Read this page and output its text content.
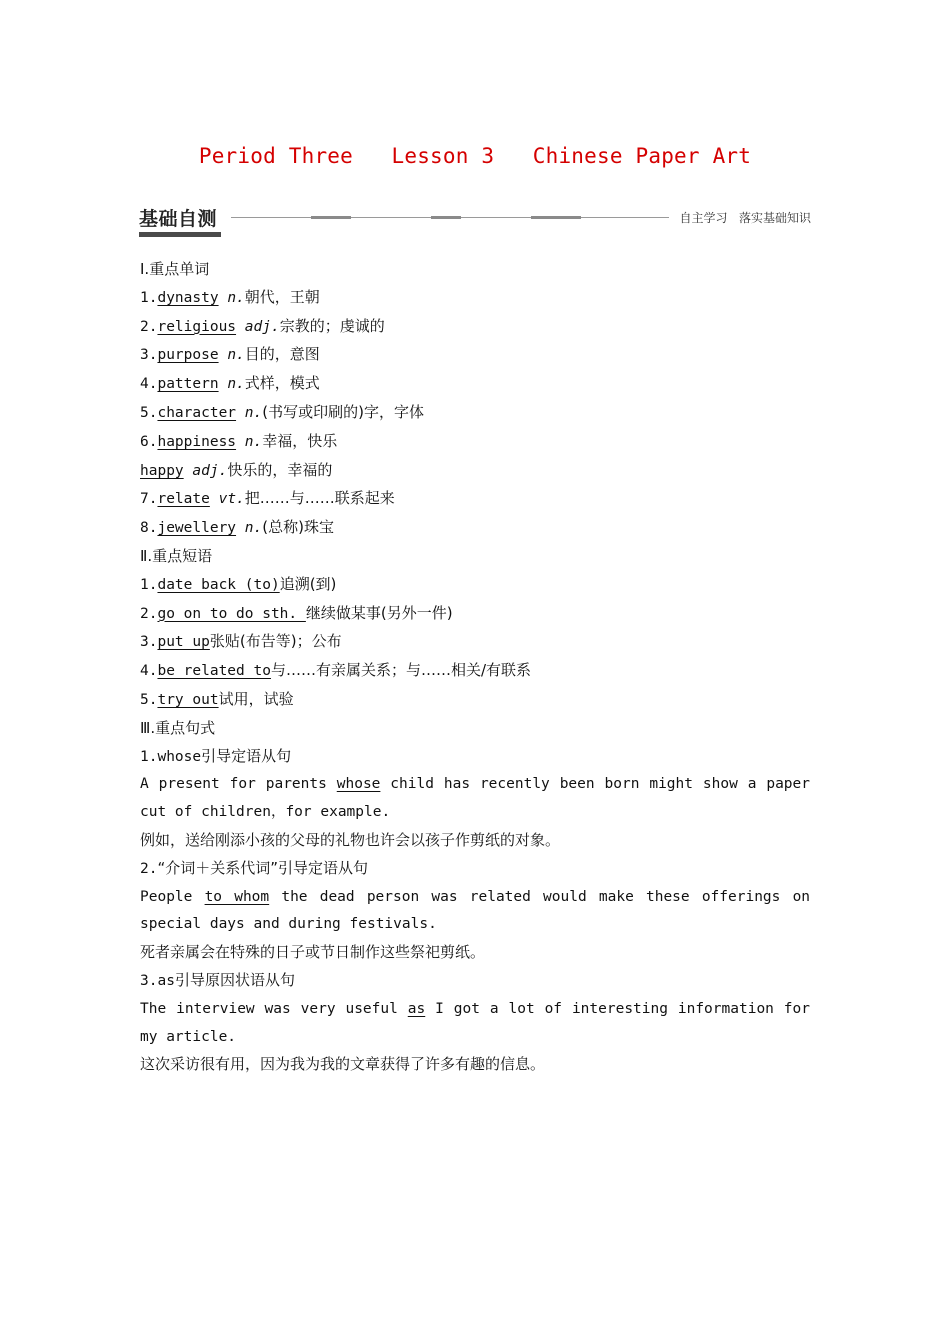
Period Three   Lesson 3   Chinese Paper Art
基础自测	自主学习   落实基础知识
Ⅰ.重点单词
1.dynasty n.朝代，王朝
2.religious adj.宗教的；虔诚的
3.purpose n.目的，意图
4.pattern n.式样，模式
5.character n.(书写或印刷的)字，字体
6.happiness n.幸福，快乐
happy adj.快乐的，幸福的
7.relate vt.把……与……联系起来
8.jewellery n.(总称)珠宝
Ⅱ.重点短语
1.date back (to)追溯(到)
2.go on to do sth. 继续做某事(另外一件)
3.put up张贴(布告等)；公布
4.be related to与……有亲属关系；与……相关/有联系
5.try out试用，试验
Ⅲ.重点句式
1.whose引导定语从句
A present for parents whose child has recently been born might show a paper cut of children，for example.
例如，送给刚添小孩的父母的礼物也许会以孩子作剪纸的对象。
2.“介词＋关系代词”引导定语从句
People to whom the dead person was related would make these offerings on special days and during festivals.
死者亲属会在特殊的日子或节日制作这些祭祀剪纸。
3.as引导原因状语从句
The interview was very useful as I got a lot of interesting information for my article.
这次采访很有用，因为我为我的文章获得了许多有趣的信息。
